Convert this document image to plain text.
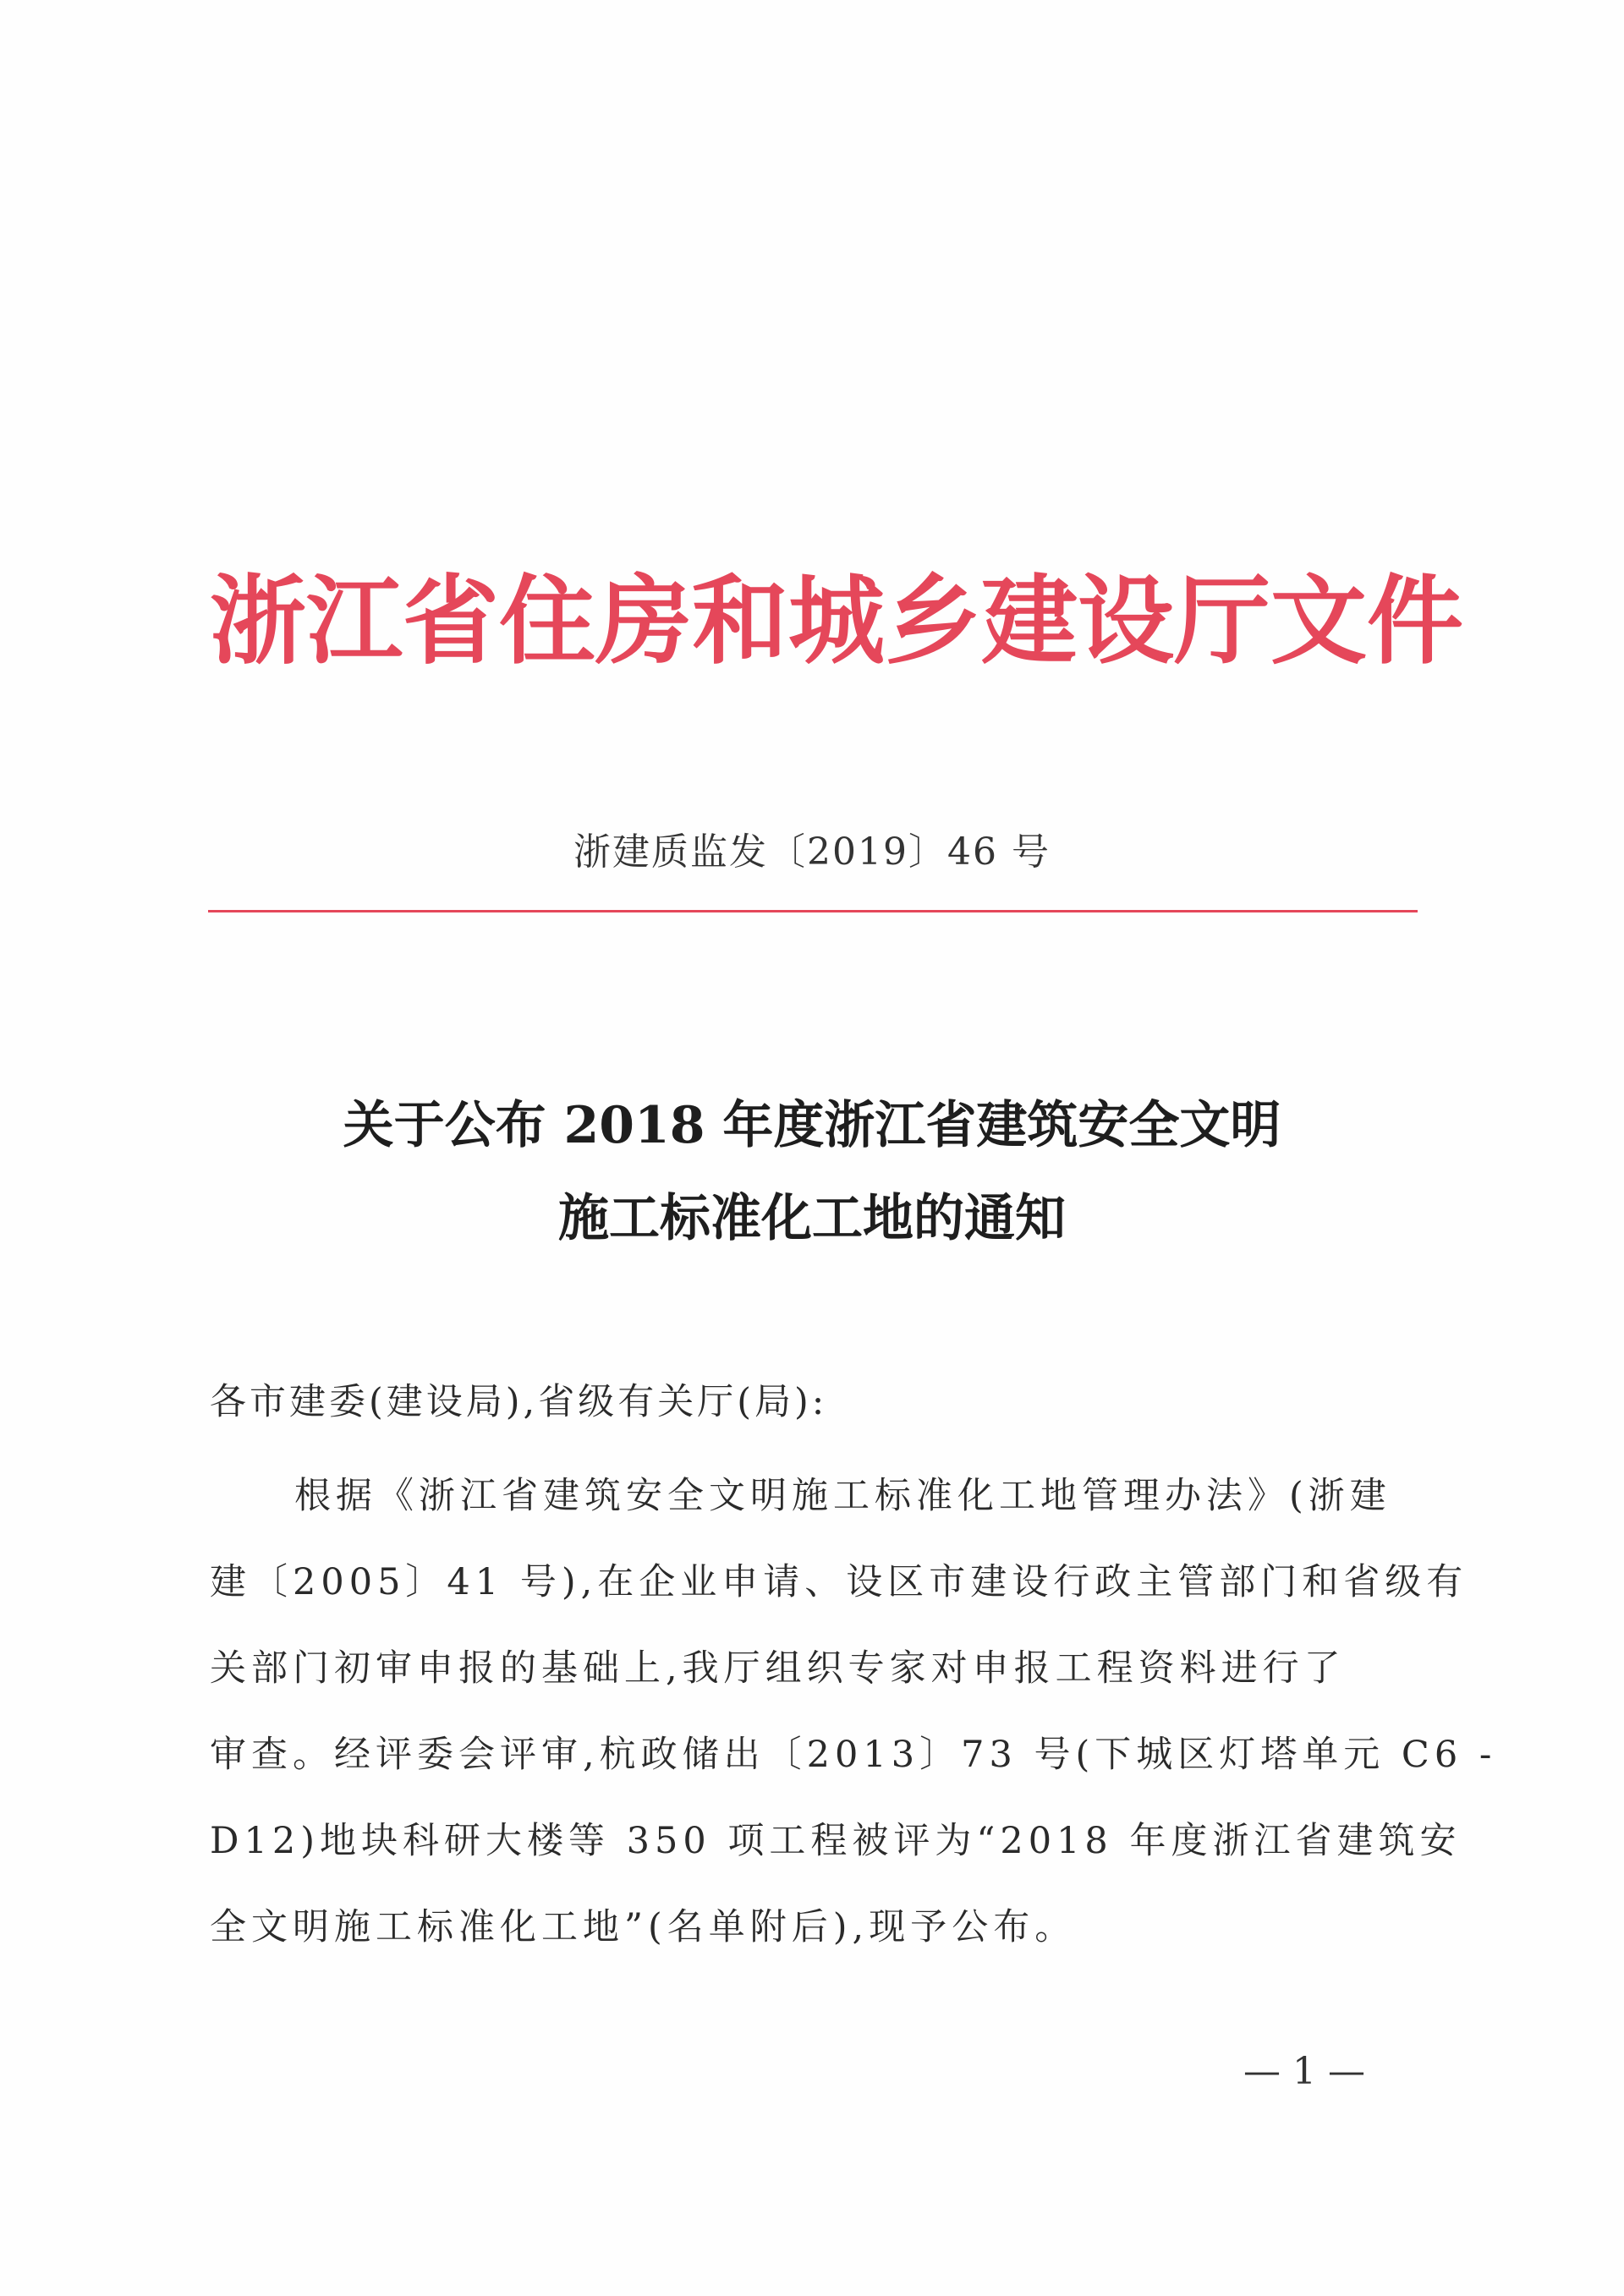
浙江省住房和城乡建设厅文件
浙建质监发〔2019〕46 号
关于公布 2018 年度浙江省建筑安全文明
施工标准化工地的通知
各市建委(建设局),省级有关厅(局):
根据《浙江省建筑安全文明施工标准化工地管理办法》(浙建
建〔2005〕41 号),在企业申请、设区市建设行政主管部门和省级有
关部门初审申报的基础上,我厅组织专家对申报工程资料进行了
审查。经评委会评审,杭政储出〔2013〕73 号(下城区灯塔单元 C6 -
D12)地块科研大楼等 350 项工程被评为“2018 年度浙江省建筑安
全文明施工标准化工地”(名单附后),现予公布。
— 1 —
